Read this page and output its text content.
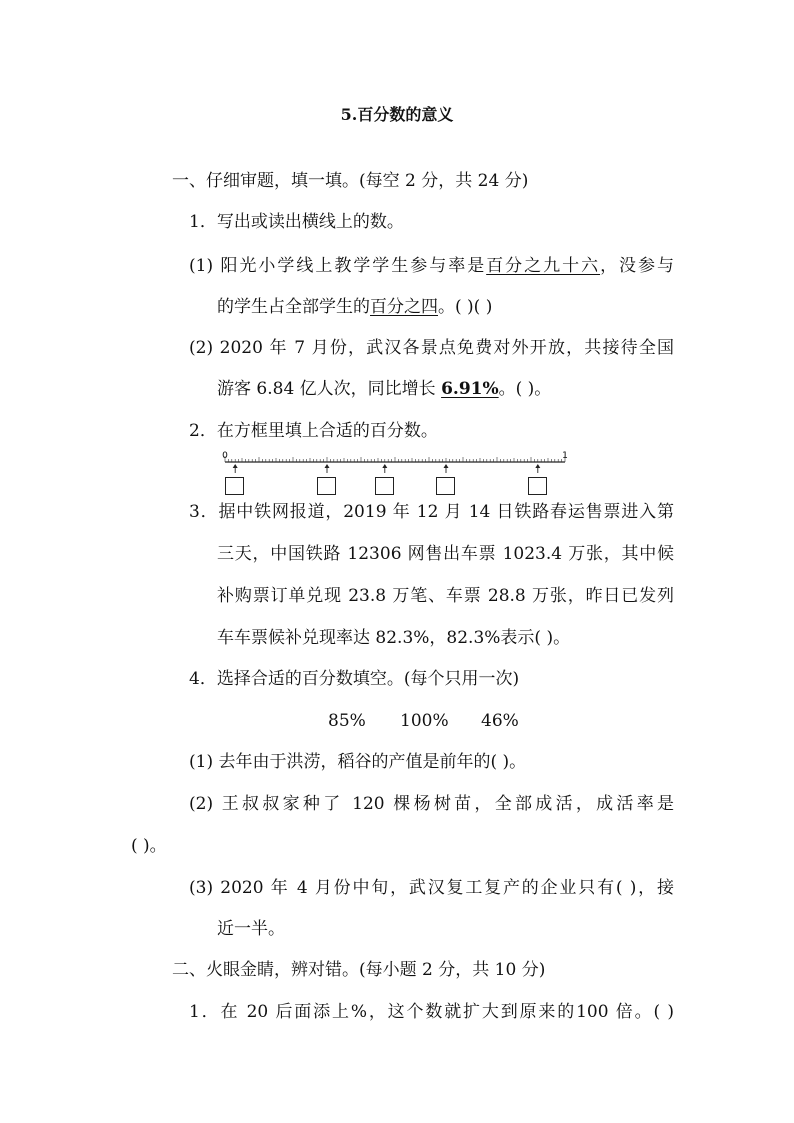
5.百分数的意义
一、仔细审题，填一填。(每空 2 分，共 24 分)
1．写出或读出横线上的数。
(1) 阳光小学线上教学学生参与率是百分之九十六，没参与
的学生占全部学生的百分之四。( )( )
(2) 2020 年 7 月份，武汉各景点免费对外开放，共接待全国
游客 6.84 亿人次，同比增长 6.91%。( )。
2．在方框里填上合适的百分数。
0	1
3．据中铁网报道，2019 年 12 月 14 日铁路春运售票进入第
三天，中国铁路 12306 网售出车票 1023.4 万张，其中候
补购票订单兑现 23.8 万笔、车票 28.8 万张，昨日已发列
车车票候补兑现率达 82.3%，82.3%表示( )。
4．选择合适的百分数填空。(每个只用一次)
85% 100% 46%
(1) 去年由于洪涝，稻谷的产值是前年的( )。
(2) 王叔叔家种了 120 棵杨树苗，全部成活，成活率是
( )。
(3) 2020 年 4 月份中旬，武汉复工复产的企业只有( )，接
近一半。
二、火眼金睛，辨对错。(每小题 2 分，共 10 分)
1．在 20 后面添上%，这个数就扩大到原来的100 倍。( )
